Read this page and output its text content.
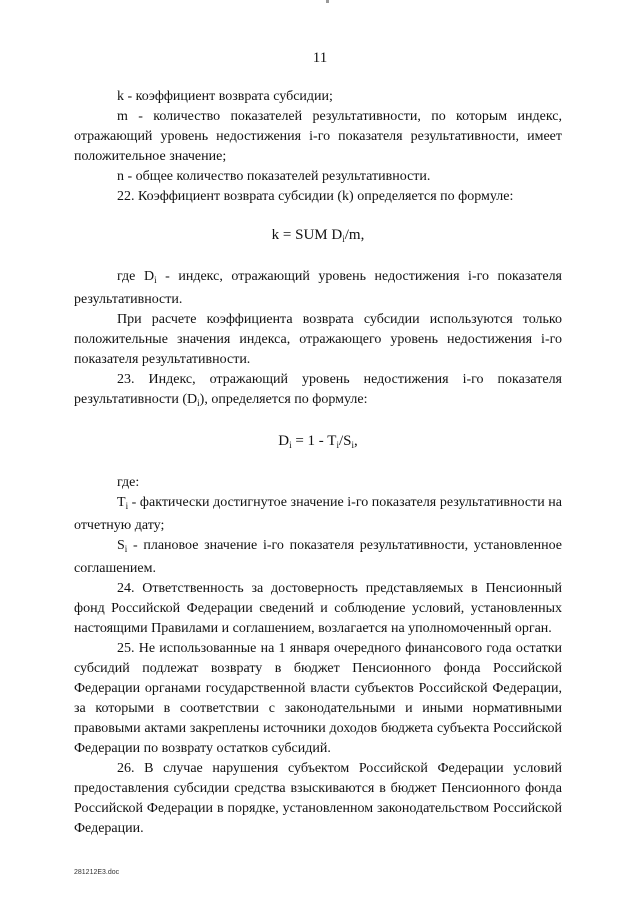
11

k - коэффициент возврата субсидии;

m - количество показателей результативности, по которым индекс, отражающий уровень недостижения i-го показателя результативности, имеет положительное значение;

n - общее количество показателей результативности.

22. Коэффициент возврата субсидии (k) определяется по формуле:

k = SUM $D_i/m$,

где $D_i$ - индекс, отражающий уровень недостижения i-го показателя результативности.

При расчете коэффициента возврата субсидии используются только положительные значения индекса, отражающего уровень недостижения i-го показателя результативности.

23. Индекс, отражающий уровень недостижения i-го показателя результативности $(D_i)$, определяется по формуле:

$D_i = 1 - T_i/S_i$,

где:

$T_i$ - фактически достигнутое значение i-го показателя результативности на отчетную дату;

$S_i$ - плановое значение i-го показателя результативности, установленное соглашением.

24. Ответственность за достоверность представляемых в Пенсионный фонд Российской Федерации сведений и соблюдение условий, установленных настоящими Правилами и соглашением, возлагается на уполномоченный орган.

25. Не использованные на 1 января очередного финансового года остатки субсидий подлежат возврату в бюджет Пенсионного фонда Российской Федерации органами государственной власти субъектов Российской Федерации, за которыми в соответствии с законодательными и иными нормативными правовыми актами закреплены источники доходов бюджета субъекта Российской Федерации по возврату остатков субсидий.

26. В случае нарушения субъектом Российской Федерации условий предоставления субсидии средства взыскиваются в бюджет Пенсионного фонда Российской Федерации в порядке, установленном законодательством Российской Федерации.

281212E3.doc
